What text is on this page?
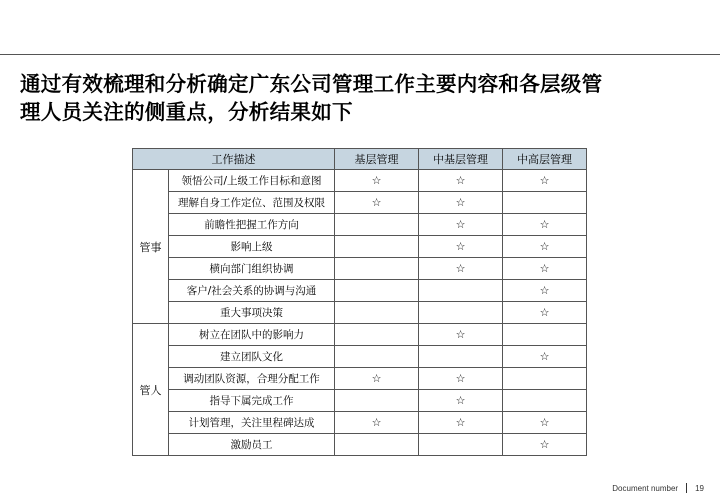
通过有效梳理和分析确定广东公司管理工作主要内容和各层级管
理人员关注的侧重点，分析结果如下
工作描述		基层管理	中基层管理	中高层管理
管事	领悟公司/上级工作目标和意图	☆	☆	☆
	理解自身工作定位、范围及权限	☆	☆	
	前瞻性把握工作方向		☆	☆
	影响上级		☆	☆
	横向部门组织协调		☆	☆
	客户/社会关系的协调与沟通			☆
	重大事项决策			☆
管人	树立在团队中的影响力		☆	
	建立团队文化			☆
	调动团队资源，合理分配工作	☆	☆	
	指导下属完成工作		☆	
	计划管理，关注里程碑达成	☆	☆	☆
	激励员工			☆
Document number 19
